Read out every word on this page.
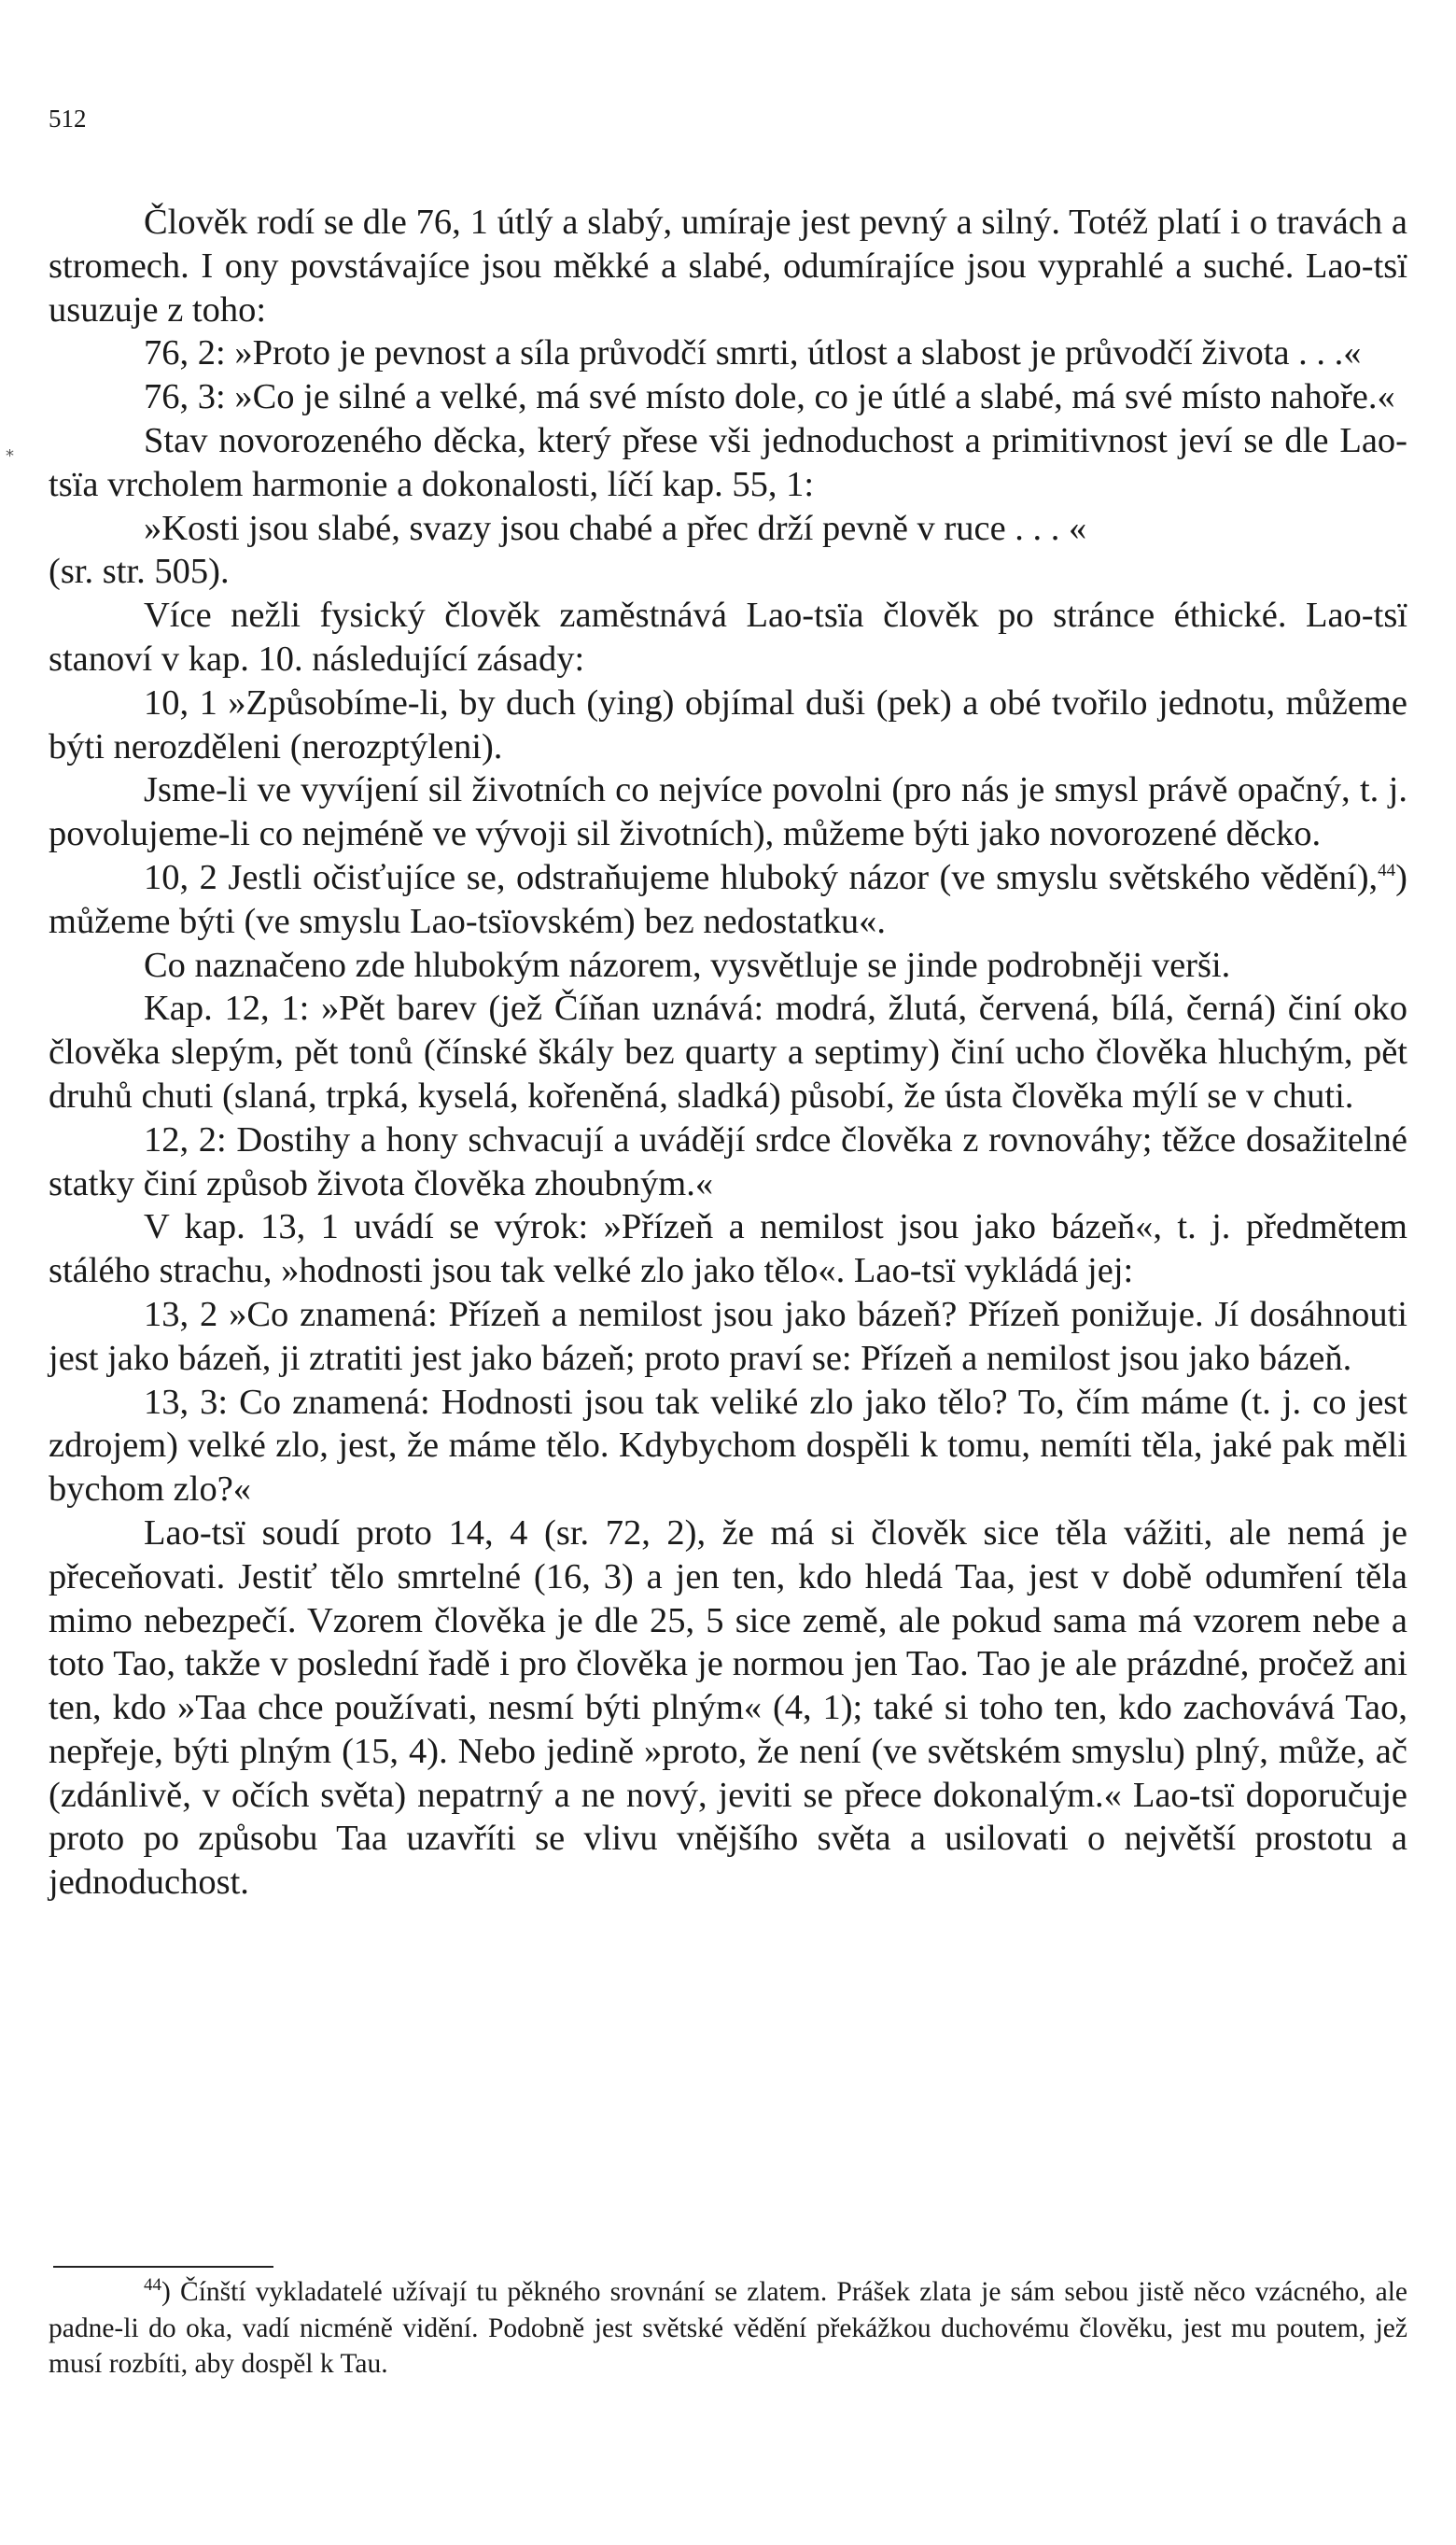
512
*

Člověk rodí se dle 76, 1 útlý a slabý, umíraje jest pevný a silný. Totéž platí i o travách a stromech. I ony povstávajíce jsou měkké a slabé, odumírajíce jsou vyprahlé a suché. Lao-tsï usuzuje z toho:

76, 2: »Proto je pevnost a síla průvodčí smrti, útlost a slabost je průvodčí života . . .«

76, 3: »Co je silné a velké, má své místo dole, co je útlé a slabé, má své místo nahoře.«

Stav novorozeného děcka, který přese vši jednoduchost a primitivnost jeví se dle Lao-tsïa vrcholem harmonie a dokonalosti, líčí kap. 55, 1:

»Kosti jsou slabé, svazy jsou chabé a přec drží pevně v ruce . . . «

(sr. str. 505).

Více nežli fysický člověk zaměstnává Lao-tsïa člověk po stránce éthické. Lao-tsï stanoví v kap. 10. následující zásady:

10, 1 »Způsobíme-li, by duch (ying) objímal duši (pek) a obé tvořilo jednotu, můžeme býti nerozděleni (nerozptýleni).

Jsme-li ve vyvíjení sil životních co nejvíce povolni (pro nás je smysl právě opačný, t. j. povolujeme-li co nejméně ve vývoji sil životních), můžeme býti jako novorozené děcko.

10, 2 Jestli očisťujíce se, odstraňujeme hluboký názor (ve smyslu světského vědění),$^{44}$) můžeme býti (ve smyslu Lao-tsïovském) bez nedostatku«.

Co naznačeno zde hlubokým názorem, vysvětluje se jinde podrobněji verši.

Kap. 12, 1: »Pět barev (jež Číňan uznává: modrá, žlutá, červená, bílá, černá) činí oko člověka slepým, pět tonů (čínské škály bez quarty a septimy) činí ucho člověka hluchým, pět druhů chuti (slaná, trpká, kyselá, kořeněná, sladká) působí, že ústa člověka mýlí se v chuti.

12, 2: Dostihy a hony schvacují a uvádějí srdce člověka z rovnováhy; těžce dosažitelné statky činí způsob života člověka zhoubným.«

V kap. 13, 1 uvádí se výrok: »Přízeň a nemilost jsou jako bázeň«, t. j. předmětem stálého strachu, »hodnosti jsou tak velké zlo jako tělo«. Lao-tsï vykládá jej:

13, 2 »Co znamená: Přízeň a nemilost jsou jako bázeň? Přízeň ponižuje. Jí dosáhnouti jest jako bázeň, ji ztratiti jest jako bázeň; proto praví se: Přízeň a nemilost jsou jako bázeň.

13, 3: Co znamená: Hodnosti jsou tak veliké zlo jako tělo? To, čím máme (t. j. co jest zdrojem) velké zlo, jest, že máme tělo. Kdybychom dospěli k tomu, nemíti těla, jaké pak měli bychom zlo?«

Lao-tsï soudí proto 14, 4 (sr. 72, 2), že má si člověk sice těla vážiti, ale nemá je přeceňovati. Jestiť tělo smrtelné (16, 3) a jen ten, kdo hledá Taa, jest v době odumření těla mimo nebezpečí. Vzorem člověka je dle 25, 5 sice země, ale pokud sama má vzorem nebe a toto Tao, takže v poslední řadě i pro člověka je normou jen Tao. Tao je ale prázdné, pročež ani ten, kdo »Taa chce používati, nesmí býti plným« (4, 1); také si toho ten, kdo zachovává Tao, nepřeje, býti plným (15, 4). Nebo jedině »proto, že není (ve světském smyslu) plný, může, ač (zdánlivě, v očích světa) nepatrný a ne nový, jeviti se přece dokonalým.« Lao-tsï doporučuje proto po způsobu Taa uzavříti se vlivu vnějšího světa a usilovati o největší prostotu a jednoduchost.

$^{44}$) Čínští vykladatelé užívají tu pěkného srovnání se zlatem. Prášek zlata je sám sebou jistě něco vzácného, ale padne-li do oka, vadí nicméně vidění. Podobně jest světské vědění překážkou duchovému člověku, jest mu poutem, jež musí rozbíti, aby dospěl k Tau.
